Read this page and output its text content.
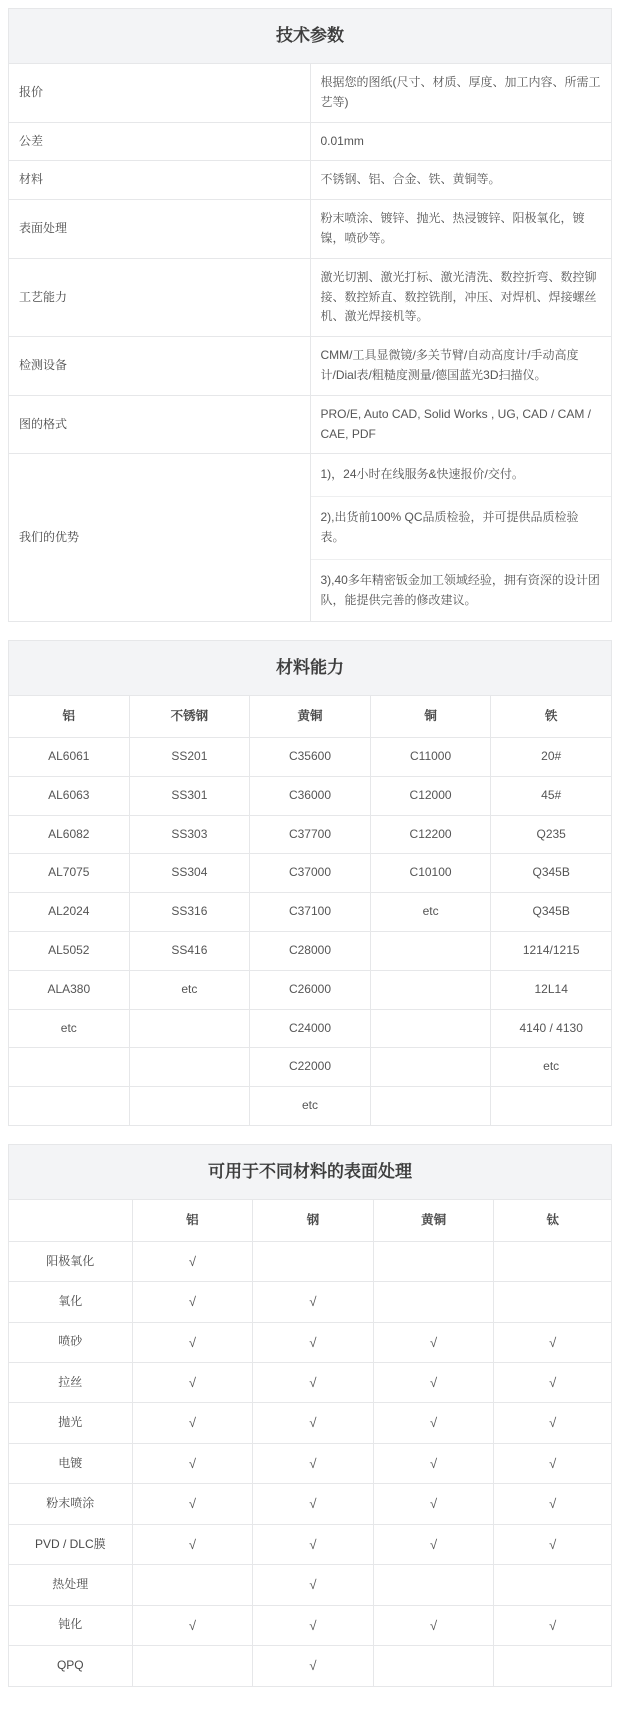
技术参数
报价	根据您的图纸(尺寸、材质、厚度、加工内容、所需工艺等)
公差	0.01mm
材料	不锈钢、铝、合金、铁、黄铜等。
表面处理	粉末喷涂、镀锌、抛光、热浸镀锌、阳极氧化，镀镍，喷砂等。
工艺能力	激光切割、激光打标、激光清洗、数控折弯、数控铆接、数控矫直、数控铣削，冲压、对焊机、焊接螺丝机、激光焊接机等。
检测设备	CMM/工具显微镜/多关节臂/自动高度计/手动高度计/Dial表/粗糙度测量/德国蓝光3D扫描仪。
图的格式	PRO/E, Auto CAD, Solid Works , UG, CAD / CAM / CAE, PDF
我们的优势	
1)，24小时在线服务&快速报价/交付。
2),出货前100% QC品质检验，并可提供品质检验表。
3),40多年精密钣金加工领域经验，拥有资深的设计团队，能提供完善的修改建议。
材料能力				
铝	不锈钢	黄铜	铜	铁
AL6061	SS201	C35600	C11000	20#
AL6063	SS301	C36000	C12000	45#
AL6082	SS303	C37700	C12200	Q235
AL7075	SS304	C37000	C10100	Q345B
AL2024	SS316	C37100	etc	Q345B
AL5052	SS416	C28000		1214/1215
ALA380	etc	C26000		12L14
etc		C24000		4140 / 4130
		C22000		etc
		etc		
可用于不同材料的表面处理				
	铝	钢	黄铜	钛
阳极氧化	√			
氧化	√	√		
喷砂	√	√	√	√
拉丝	√	√	√	√
抛光	√	√	√	√
电镀	√	√	√	√
粉末喷涂	√	√	√	√
PVD / DLC膜	√	√	√	√
热处理		√		
钝化	√	√	√	√
QPQ		√		
